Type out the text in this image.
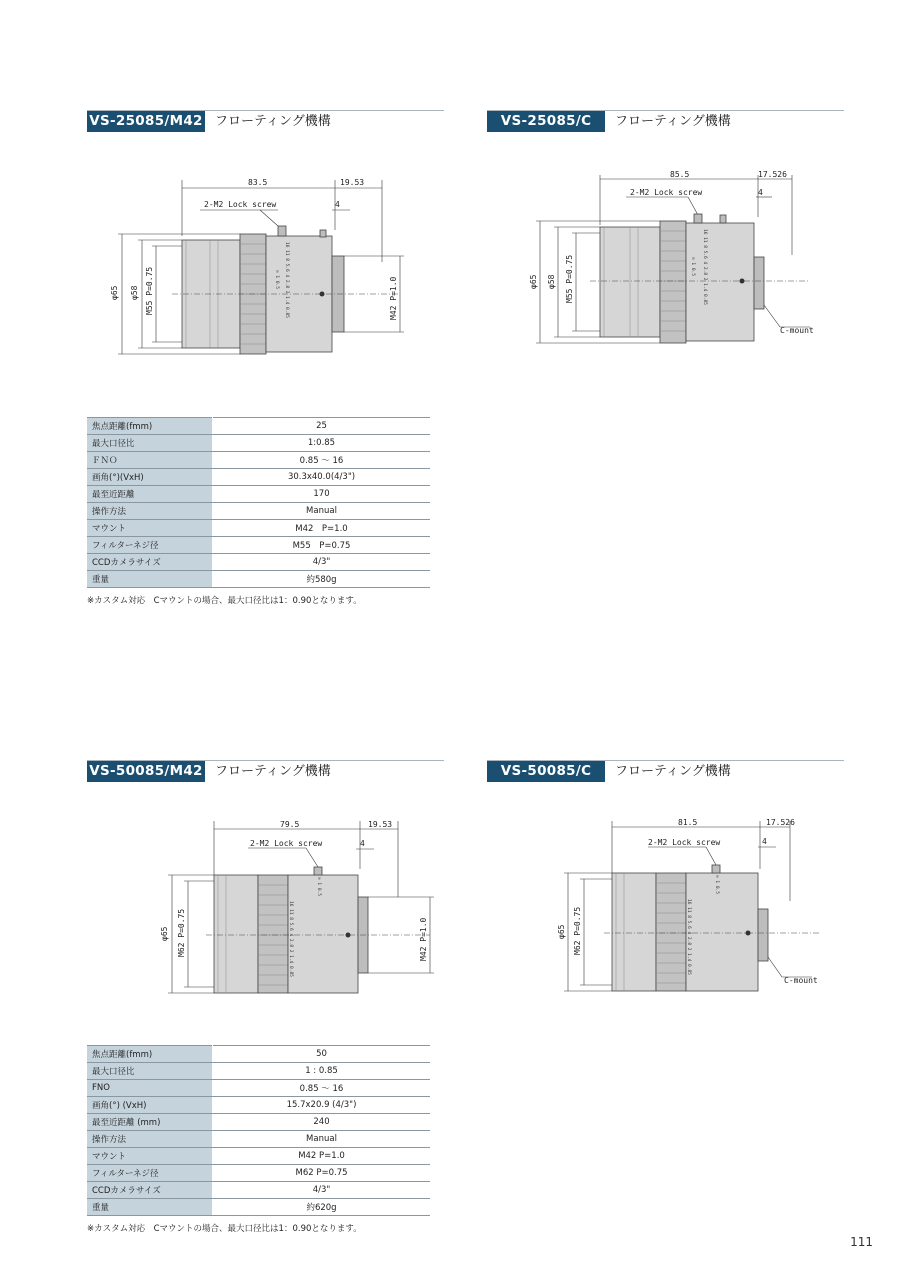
VS-25085/M42 フローティング機構	VS-25085/C	フローティング機構
VS-50085/M42 フローティング機構	VS-50085/C	フローティング機構
83.5	19.53
4
2-M2 Lock screw
16 11 8 5.6 4 2.8 2 1.4 0.85
∞ 1 0.5
φ65 φ58 M55 P=0.75	M42 P=1.0
85.5	17.526
4
2-M2 Lock screw
16 11 8 5.6 4 2.8 2 1.4 0.85
∞ 1 0.5
φ65 φ58 M55 P=0.75
C-mount
焦点距離(fmm)	25
最大口径比	1:0.85
ＦＮＯ	0.85 ～ 16
画角(°)(VxH)	30.3x40.0(4/3")
最至近距離	170
操作方法	Manual
マウント	M42　P=1.0
フィルターネジ径	M55　P=0.75
CCDカメラサイズ	4/3"
重量	約580g
※カスタム対応　Cマウントの場合、最大口径比は1：0.90となります。
79.5	19.53
4
2-M2 Lock screw
16 11 8 5.6 4 2.8 2 1.4 0.85
∞ 1 0.5
φ65 M62 P=0.75	M42 P=1.0
81.5	17.526
4
2-M2 Lock screw
16 11 8 5.6 4 2.8 2 1.4 0.85
∞ 1 0.5
φ65 M62 P=0.75
C-mount
焦点距離(fmm)	50
最大口径比	1 : 0.85
FNO	0.85 ～ 16
画角(°) (VxH)	15.7x20.9 (4/3")
最至近距離 (mm)	240
操作方法	Manual
マウント	M42 P=1.0
フィルターネジ径	M62 P=0.75
CCDカメラサイズ	4/3"
重量	約620g
※カスタム対応　Cマウントの場合、最大口径比は1：0.90となります。
111
